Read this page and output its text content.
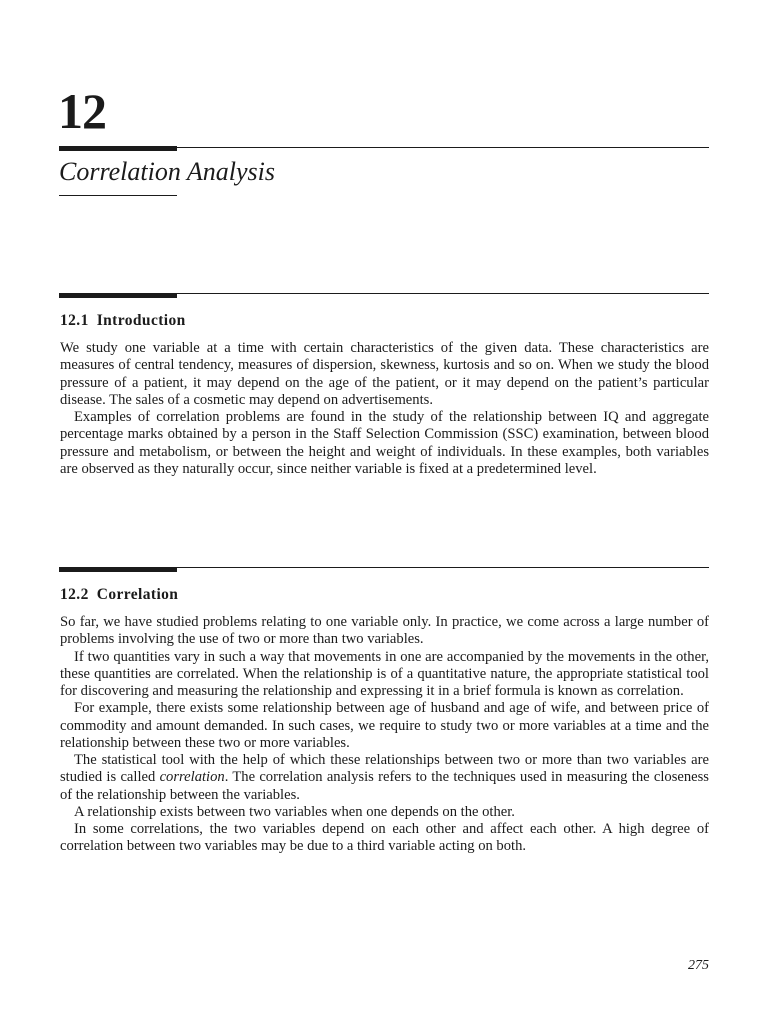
12
Correlation Analysis
12.1 Introduction

We study one variable at a time with certain characteristics of the given data. These characteristics are measures of central tendency, measures of dispersion, skewness, kurtosis and so on. When we study the blood pressure of a patient, it may depend on the age of the patient, or it may depend on the patient’s particular disease. The sales of a cosmetic may depend on advertisements.

Examples of correlation problems are found in the study of the relationship between IQ and aggregate percentage marks obtained by a person in the Staff Selection Commission (SSC) examination, between blood pressure and metabolism, or between the height and weight of individuals. In these examples, both variables are observed as they naturally occur, since neither variable is fixed at a predetermined level.

12.2 Correlation

So far, we have studied problems relating to one variable only. In practice, we come across a large number of problems involving the use of two or more than two variables.

If two quantities vary in such a way that movements in one are accompanied by the movements in the other, these quantities are correlated. When the relationship is of a quantitative nature, the appropriate statistical tool for discovering and measuring the relationship and expressing it in a brief formula is known as correlation.

For example, there exists some relationship between age of husband and age of wife, and between price of commodity and amount demanded. In such cases, we require to study two or more variables at a time and the relationship between these two or more variables.

The statistical tool with the help of which these relationships between two or more than two variables are studied is called correlation. The correlation analysis refers to the techniques used in measuring the closeness of the relationship between the variables.

A relationship exists between two variables when one depends on the other.

In some correlations, the two variables depend on each other and affect each other. A high degree of correlation between two variables may be due to a third variable acting on both.

275
